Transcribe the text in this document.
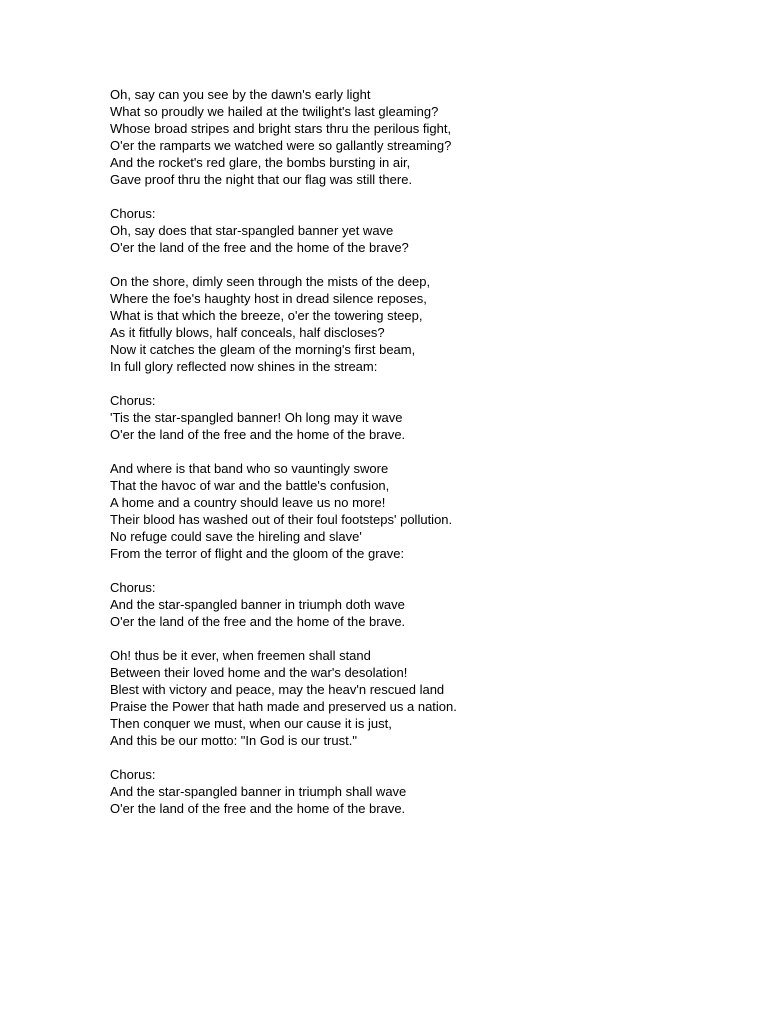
Oh, say can you see by the dawn's early light
What so proudly we hailed at the twilight's last gleaming?
Whose broad stripes and bright stars thru the perilous fight,
O'er the ramparts we watched were so gallantly streaming?
And the rocket's red glare, the bombs bursting in air,
Gave proof thru the night that our flag was still there.
Chorus:
Oh, say does that star-spangled banner yet wave
O'er the land of the free and the home of the brave?
On the shore, dimly seen through the mists of the deep,
Where the foe's haughty host in dread silence reposes,
What is that which the breeze, o'er the towering steep,
As it fitfully blows, half conceals, half discloses?
Now it catches the gleam of the morning's first beam,
In full glory reflected now shines in the stream:
Chorus:
'Tis the star-spangled banner! Oh long may it wave
O'er the land of the free and the home of the brave.
And where is that band who so vauntingly swore
That the havoc of war and the battle's confusion,
A home and a country should leave us no more!
Their blood has washed out of their foul footsteps' pollution.
No refuge could save the hireling and slave'
From the terror of flight and the gloom of the grave:
Chorus:
And the star-spangled banner in triumph doth wave
O'er the land of the free and the home of the brave.
Oh! thus be it ever, when freemen shall stand
Between their loved home and the war's desolation!
Blest with victory and peace, may the heav'n rescued land
Praise the Power that hath made and preserved us a nation.
Then conquer we must, when our cause it is just,
And this be our motto: "In God is our trust."
Chorus:
And the star-spangled banner in triumph shall wave
O'er the land of the free and the home of the brave.
